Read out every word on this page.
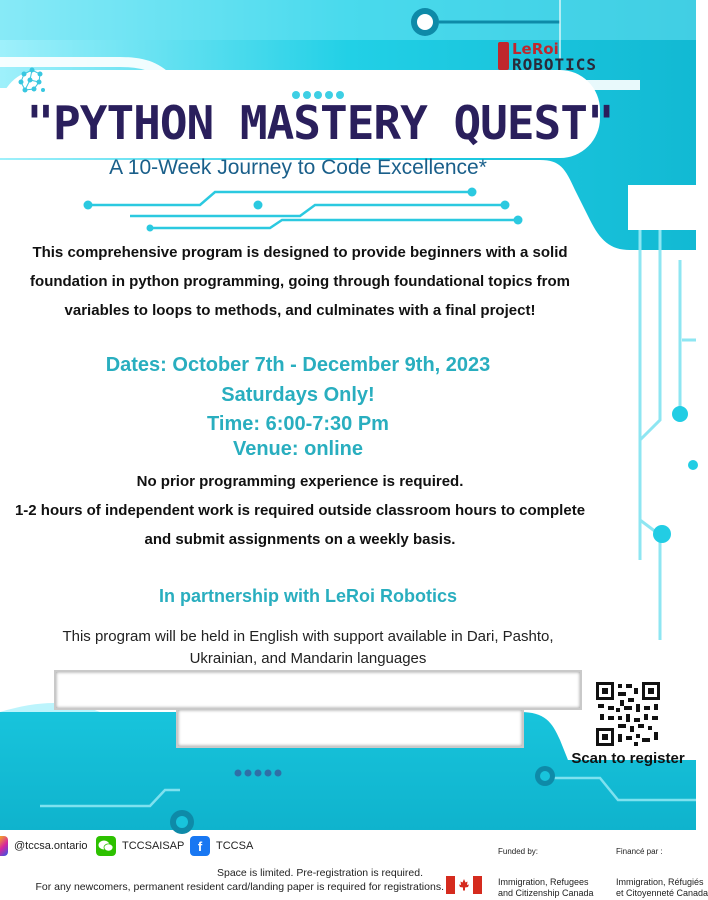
LeRoi
ROBOTICS
"PYTHON MASTERY QUEST"
A 10-Week Journey to Code Excellence*
This comprehensive program is designed to provide beginners with a solid
foundation in python programming, going through foundational topics from
variables to loops to methods, and culminates with a final project!
Dates: October 7th - December 9th, 2023
Saturdays Only!
Time: 6:00-7:30 Pm
Venue: online
No prior programming experience is required.
1-2 hours of independent work is required outside classroom hours to complete
and submit assignments on a weekly basis.
In partnership with LeRoi Robotics
This program will be held in English with support available in Dari, Pashto,
Ukrainian, and Mandarin languages
Scan to register
@tccsa.ontario	TCCSAISAP	f	TCCSA
Space is limited. Pre-registration is required.
For any newcomers, permanent resident card/landing paper is required for registrations.
Funded by:	Financé par :
Immigration, Refugees
and Citizenship Canada
Immigration, Réfugiés
et Citoyenneté Canada
